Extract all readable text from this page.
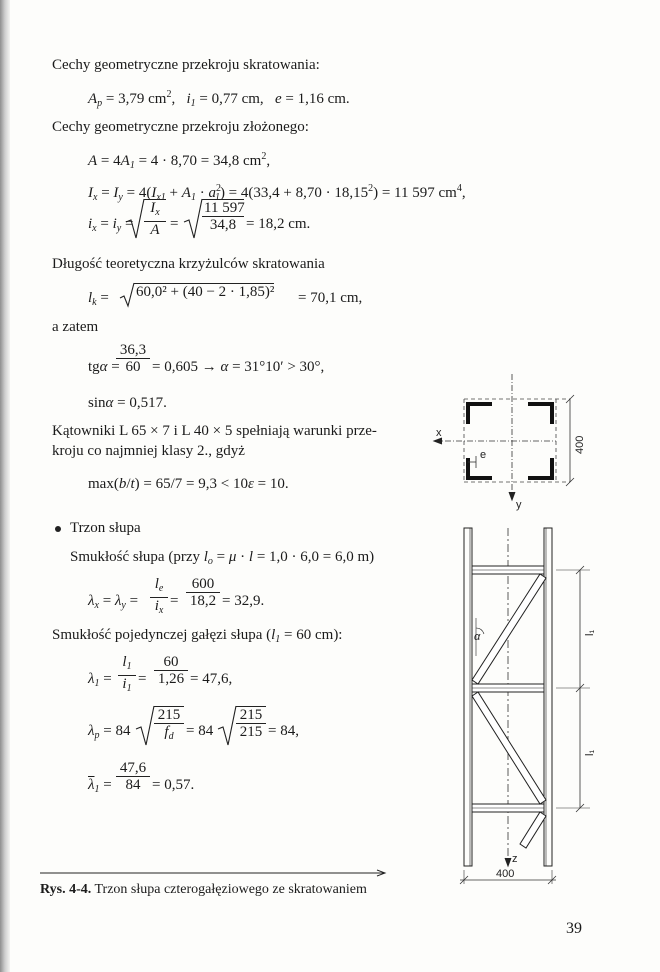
Cechy geometryczne przekroju skratowania:
$A_p = 3,79$ $cm^2$, $i_1 = 0,77$ cm, e = 1,16 cm.
Cechy geometryczne przekroju złożonego:
$A = 4A_1 = 4 \cdot 8,70 = 34,8$ $cm^2$,
$I_x = I_y = 4(I_{x1} + A_1 \cdot a^2_1) = 4(33,4 + 8,70 \cdot 18,15^2) = 11$ 597 $cm^4$,
$i_x = i_y = \frac{I_x}{A} = \frac{11 597}{34,8} = 18,2$ cm.
Długość teoretyczna krzyżulców skratowania
$l_k = 60,0^2 + (40 - 2 \cdot 1,85)^2 = 70,1$ cm,
a zatem
tgα =
$\frac{36,3}{60} = 0,605 \to \alpha = 31^\circ 10' > 30^\circ$,
sinα = 0,517.
Kątowniki L 65 × 7 i L 40 × 5 spełniają warunki prze-
kroju co najmniej klasy 2., gdyż
max(b/t) = 65/7 = 9,3 < 10ε = 10.
Trzon słupa
Smukłość słupa (przy $l_o = \mu \cdot l = 1,0 \cdot 6,0 = 6,0$ m)
$\lambda_x = \lambda_y = \frac{l_e}{i_x} = \frac{600}{18,2} = 32,9$.
Smukłość pojedynczej gałęzi słupa ($l_1 = 60$ cm):
$\lambda_1 = \frac{l_1}{i_1} = \frac{60}{1,26} = 47,6$,
$\lambda_p = 84 \frac{215}{f_d} = 84 \frac{215}{215} = 84$,
$\overline{\lambda}_1 = \frac{47,6}{84} = 0,57$.
Rys. 4-4. Trzon słupa czterogałęziowego ze skratowaniem
39
x
e
y
400
α	l₁
l₁
z
400
